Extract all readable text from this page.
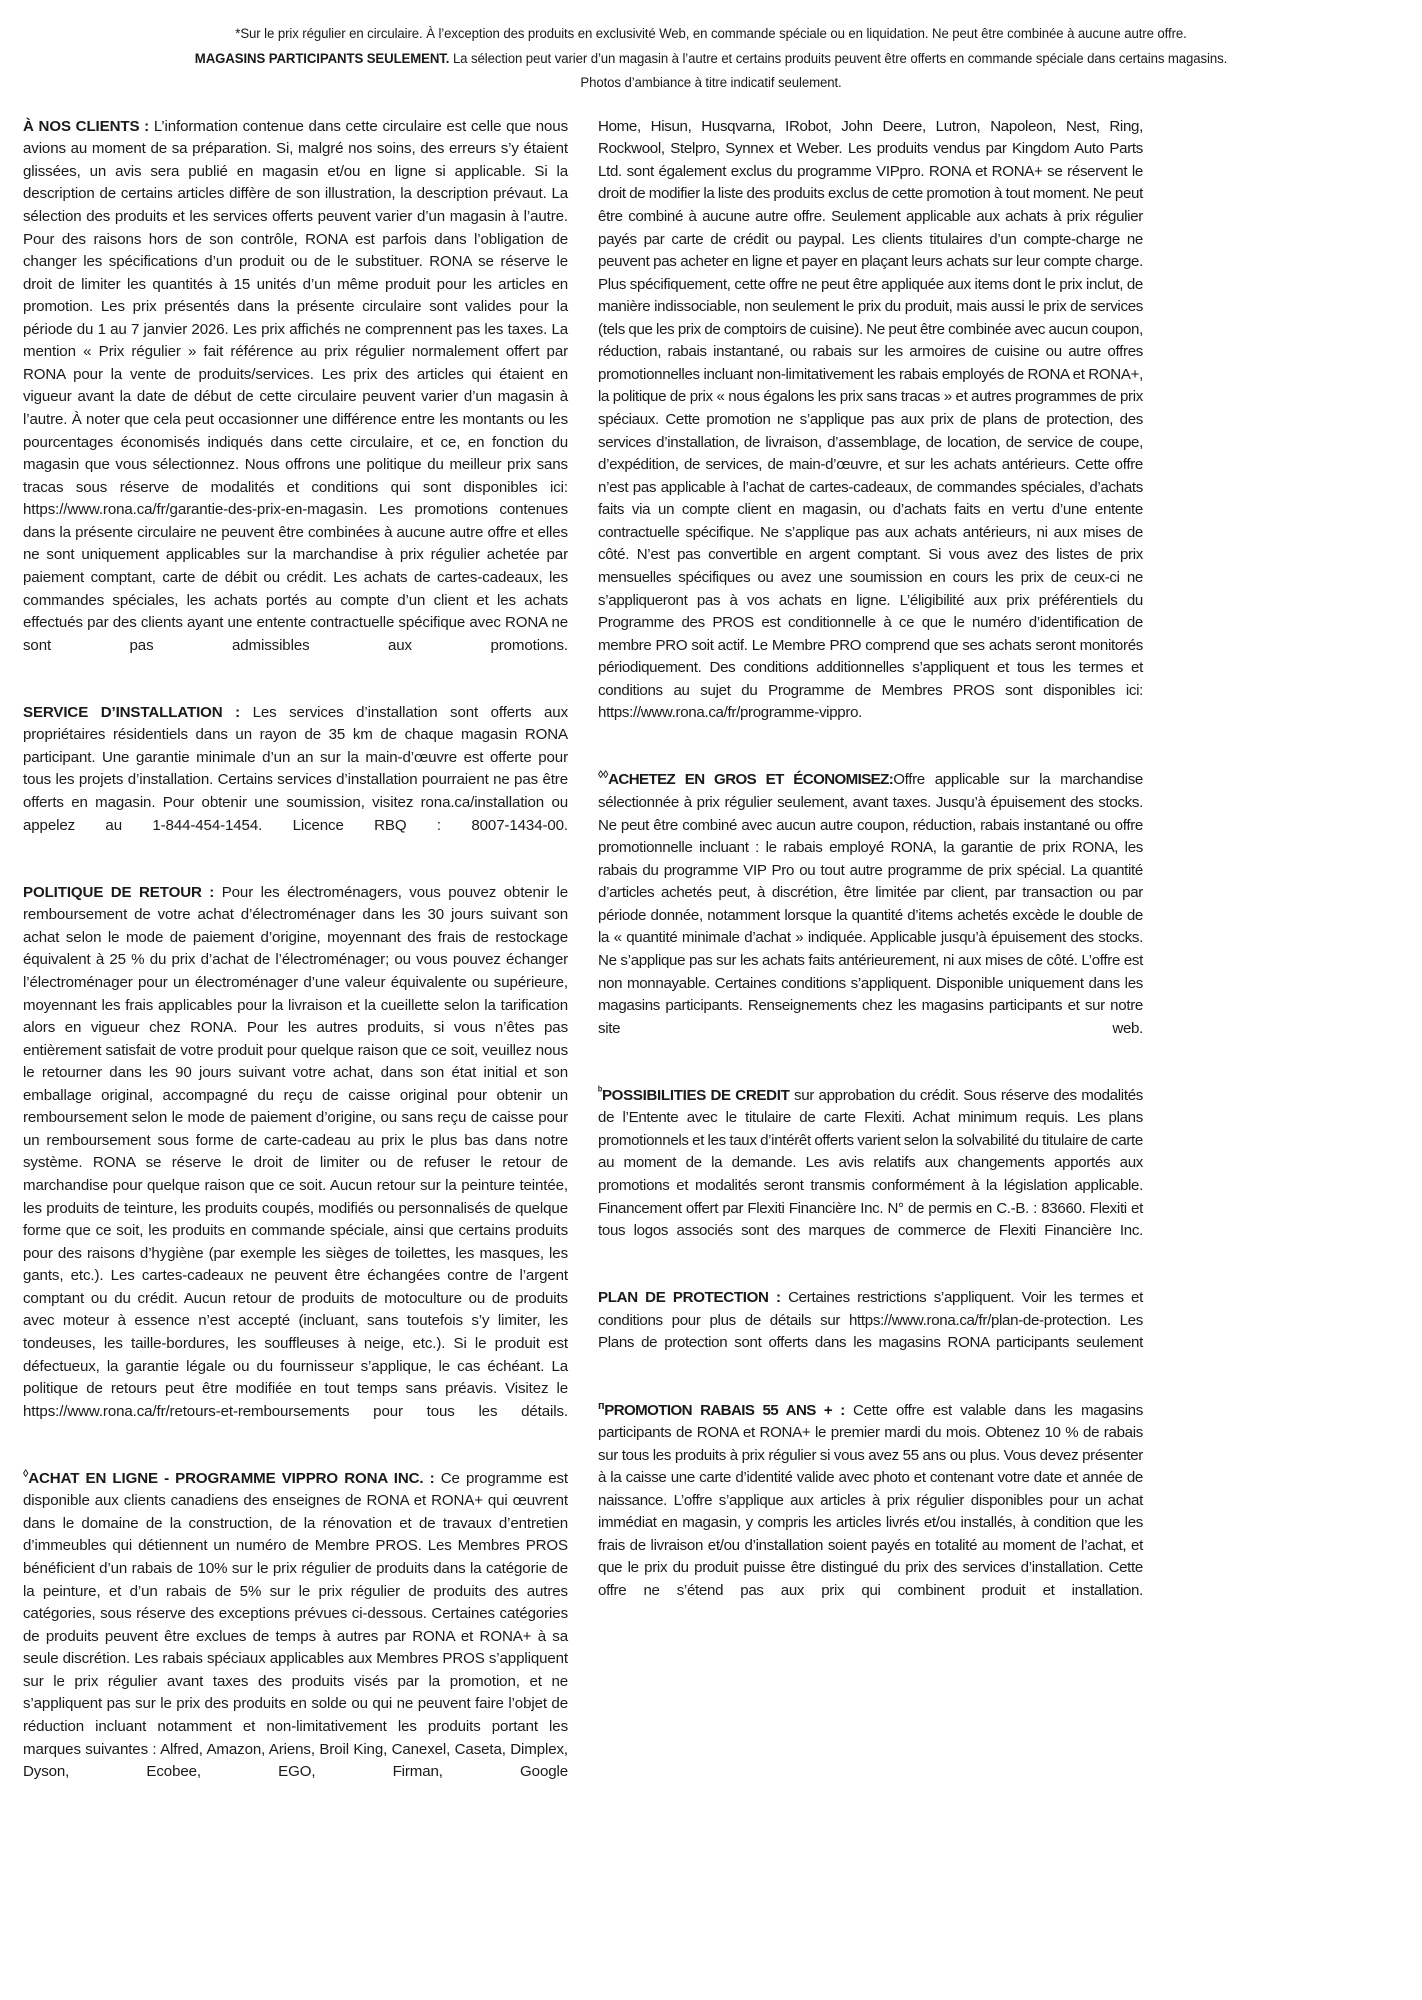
*Sur le prix régulier en circulaire. À l’exception des produits en exclusivité Web, en commande spéciale ou en liquidation. Ne peut être combinée à aucune autre offre.

MAGASINS PARTICIPANTS SEULEMENT. La sélection peut varier d’un magasin à l’autre et certains produits peuvent être offerts en commande spéciale dans certains magasins.

Photos d’ambiance à titre indicatif seulement.

À NOS CLIENTS : L’information contenue dans cette circulaire est celle que nous avions au moment de sa préparation. Si, malgré nos soins, des erreurs s’y étaient glissées, un avis sera publié en magasin et/ou en ligne si applicable. Si la description de certains articles diffère de son illustration, la description prévaut. La sélection des produits et les services offerts peuvent varier d’un magasin à l’autre. Pour des raisons hors de son contrôle, RONA est parfois dans l’obligation de changer les spécifications d’un produit ou de le substituer. RONA se réserve le droit de limiter les quantités à 15 unités d’un même produit pour les articles en promotion. Les prix présentés dans la présente circulaire sont valides pour la période du 1 au 7 janvier 2026. Les prix affichés ne comprennent pas les taxes. La mention « Prix régulier » fait référence au prix régulier normalement offert par RONA pour la vente de produits/services. Les prix des articles qui étaient en vigueur avant la date de début de cette circulaire peuvent varier d’un magasin à l’autre. À noter que cela peut occasionner une différence entre les montants ou les pourcentages économisés indiqués dans cette circulaire, et ce, en fonction du magasin que vous sélectionnez. Nous offrons une politique du meilleur prix sans tracas sous réserve de modalités et conditions qui sont disponibles ici: https://www.rona.ca/fr/garantie-des-prix-en-magasin. Les promotions contenues dans la présente circulaire ne peuvent être combinées à aucune autre offre et elles ne sont uniquement applicables sur la marchandise à prix régulier achetée par paiement comptant, carte de débit ou crédit. Les achats de cartes-cadeaux, les commandes spéciales, les achats portés au compte d’un client et les achats effectués par des clients ayant une entente contractuelle spécifique avec RONA ne sont pas admissibles aux promotions.

SERVICE D’INSTALLATION : Les services d’installation sont offerts aux propriétaires résidentiels dans un rayon de 35 km de chaque magasin RONA participant. Une garantie minimale d’un an sur la main-d’œuvre est offerte pour tous les projets d’installation. Certains services d’installation pourraient ne pas être offerts en magasin. Pour obtenir une soumission, visitez rona.ca/installation ou appelez au 1-844-454-1454. Licence RBQ : 8007-1434-00.

POLITIQUE DE RETOUR : Pour les électroménagers, vous pouvez obtenir le remboursement de votre achat d’électroménager dans les 30 jours suivant son achat selon le mode de paiement d’origine, moyennant des frais de restockage équivalent à 25 % du prix d’achat de l’électroménager; ou vous pouvez échanger l’électroménager pour un électroménager d’une valeur équivalente ou supérieure, moyennant les frais applicables pour la livraison et la cueillette selon la tarification alors en vigueur chez RONA. Pour les autres produits, si vous n’êtes pas entièrement satisfait de votre produit pour quelque raison que ce soit, veuillez nous le retourner dans les 90 jours suivant votre achat, dans son état initial et son emballage original, accompagné du reçu de caisse original pour obtenir un remboursement selon le mode de paiement d’origine, ou sans reçu de caisse pour un remboursement sous forme de carte-cadeau au prix le plus bas dans notre système. RONA se réserve le droit de limiter ou de refuser le retour de marchandise pour quelque raison que ce soit. Aucun retour sur la peinture teintée, les produits de teinture, les produits coupés, modifiés ou personnalisés de quelque forme que ce soit, les produits en commande spéciale, ainsi que certains produits pour des raisons d’hygiène (par exemple les sièges de toilettes, les masques, les gants, etc.). Les cartes-cadeaux ne peuvent être échangées contre de l’argent comptant ou du crédit. Aucun retour de produits de motoculture ou de produits avec moteur à essence n’est accepté (incluant, sans toutefois s’y limiter, les tondeuses, les taille-bordures, les souffleuses à neige, etc.). Si le produit est défectueux, la garantie légale ou du fournisseur s’applique, le cas échéant. La politique de retours peut être modifiée en tout temps sans préavis. Visitez le https://www.rona.ca/fr/retours-et-remboursements pour tous les détails.

◊ACHAT EN LIGNE - PROGRAMME VIPPRO RONA INC. : Ce programme est disponible aux clients canadiens des enseignes de RONA et RONA+ qui œuvrent dans le domaine de la construction, de la rénovation et de travaux d’entretien d’immeubles qui détiennent un numéro de Membre PROS. Les Membres PROS bénéficient d’un rabais de 10% sur le prix régulier de produits dans la catégorie de la peinture, et d’un rabais de 5% sur le prix régulier de produits des autres catégories, sous réserve des exceptions prévues ci-dessous. Certaines catégories de produits peuvent être exclues de temps à autres par RONA et RONA+ à sa seule discrétion. Les rabais spéciaux applicables aux Membres PROS s’appliquent sur le prix régulier avant taxes des produits visés par la promotion, et ne s’appliquent pas sur le prix des produits en solde ou qui ne peuvent faire l’objet de réduction incluant notamment et non-limitativement les produits portant les marques suivantes : Alfred, Amazon, Ariens, Broil King, Canexel, Caseta, Dimplex, Dyson, Ecobee, EGO, Firman, Google

Home, Hisun, Husqvarna, IRobot, John Deere, Lutron, Napoleon, Nest, Ring, Rockwool, Stelpro, Synnex et Weber. Les produits vendus par Kingdom Auto Parts Ltd. sont également exclus du programme VIPpro. RONA et RONA+ se réservent le droit de modifier la liste des produits exclus de cette promotion à tout moment. Ne peut être combiné à aucune autre offre. Seulement applicable aux achats à prix régulier payés par carte de crédit ou paypal. Les clients titulaires d’un compte-charge ne peuvent pas acheter en ligne et payer en plaçant leurs achats sur leur compte charge. Plus spécifiquement, cette offre ne peut être appliquée aux items dont le prix inclut, de manière indissociable, non seulement le prix du produit, mais aussi le prix de services (tels que les prix de comptoirs de cuisine). Ne peut être combinée avec aucun coupon, réduction, rabais instantané, ou rabais sur les armoires de cuisine ou autre offres promotionnelles incluant non-limitativement les rabais employés de RONA et RONA+, la politique de prix « nous égalons les prix sans tracas » et autres programmes de prix spéciaux. Cette promotion ne s’applique pas aux prix de plans de protection, des services d’installation, de livraison, d’assemblage, de location, de service de coupe, d’expédition, de services, de main-d’œuvre, et sur les achats antérieurs. Cette offre n’est pas applicable à l’achat de cartes-cadeaux, de commandes spéciales, d’achats faits via un compte client en magasin, ou d’achats faits en vertu d’une entente contractuelle spécifique. Ne s’applique pas aux achats antérieurs, ni aux mises de côté. N’est pas convertible en argent comptant. Si vous avez des listes de prix mensuelles spécifiques ou avez une soumission en cours les prix de ceux-ci ne s’appliqueront pas à vos achats en ligne. L’éligibilité aux prix préférentiels du Programme des PROS est conditionnelle à ce que le numéro d’identification de membre PRO soit actif. Le Membre PRO comprend que ses achats seront monitorés périodiquement. Des conditions additionnelles s’appliquent et tous les termes et conditions au sujet du Programme de Membres PROS sont disponibles ici: https://www.rona.ca/fr/programme-vippro.

◊◊ACHETEZ EN GROS ET ÉCONOMISEZ:Offre applicable sur la marchandise sélectionnée à prix régulier seulement, avant taxes. Jusqu’à épuisement des stocks. Ne peut être combiné avec aucun autre coupon, réduction, rabais instantané ou offre promotionnelle incluant : le rabais employé RONA, la garantie de prix RONA, les rabais du programme VIP Pro ou tout autre programme de prix spécial. La quantité d’articles achetés peut, à discrétion, être limitée par client, par transaction ou par période donnée, notamment lorsque la quantité d’items achetés excède le double de la « quantité minimale d’achat » indiquée. Applicable jusqu’à épuisement des stocks. Ne s’applique pas sur les achats faits antérieurement, ni aux mises de côté. L’offre est non monnayable. Certaines conditions s’appliquent. Disponible uniquement dans les magasins participants. Renseignements chez les magasins participants et sur notre site web.

$^ᵇ$POSSIBILITIES DE CREDIT sur approbation du crédit. Sous réserve des modalités de l’Entente avec le titulaire de carte Flexiti. Achat minimum requis. Les plans promotionnels et les taux d’intérêt offerts varient selon la solvabilité du titulaire de carte au moment de la demande. Les avis relatifs aux changements apportés aux promotions et modalités seront transmis conformément à la législation applicable. Financement offert par Flexiti Financière Inc. N° de permis en C.-B. : 83660. Flexiti et tous logos associés sont des marques de commerce de Flexiti Financière Inc.

PLAN DE PROTECTION : Certaines restrictions s’appliquent. Voir les termes et conditions pour plus de détails sur https://www.rona.ca/fr/plan-de-protection. Les Plans de protection sont offerts dans les magasins RONA participants seulement

$^ᴨ$PROMOTION RABAIS 55 ANS + : Cette offre est valable dans les magasins participants de RONA et RONA+ le premier mardi du mois. Obtenez 10 % de rabais sur tous les produits à prix régulier si vous avez 55 ans ou plus. Vous devez présenter à la caisse une carte d’identité valide avec photo et contenant votre date et année de naissance. L’offre s’applique aux articles à prix régulier disponibles pour un achat immédiat en magasin, y compris les articles livrés et/ou installés, à condition que les frais de livraison et/ou d’installation soient payés en totalité au moment de l’achat, et que le prix du produit puisse être distingué du prix des services d’installation. Cette offre ne s’étend pas aux prix qui combinent produit et installation.
